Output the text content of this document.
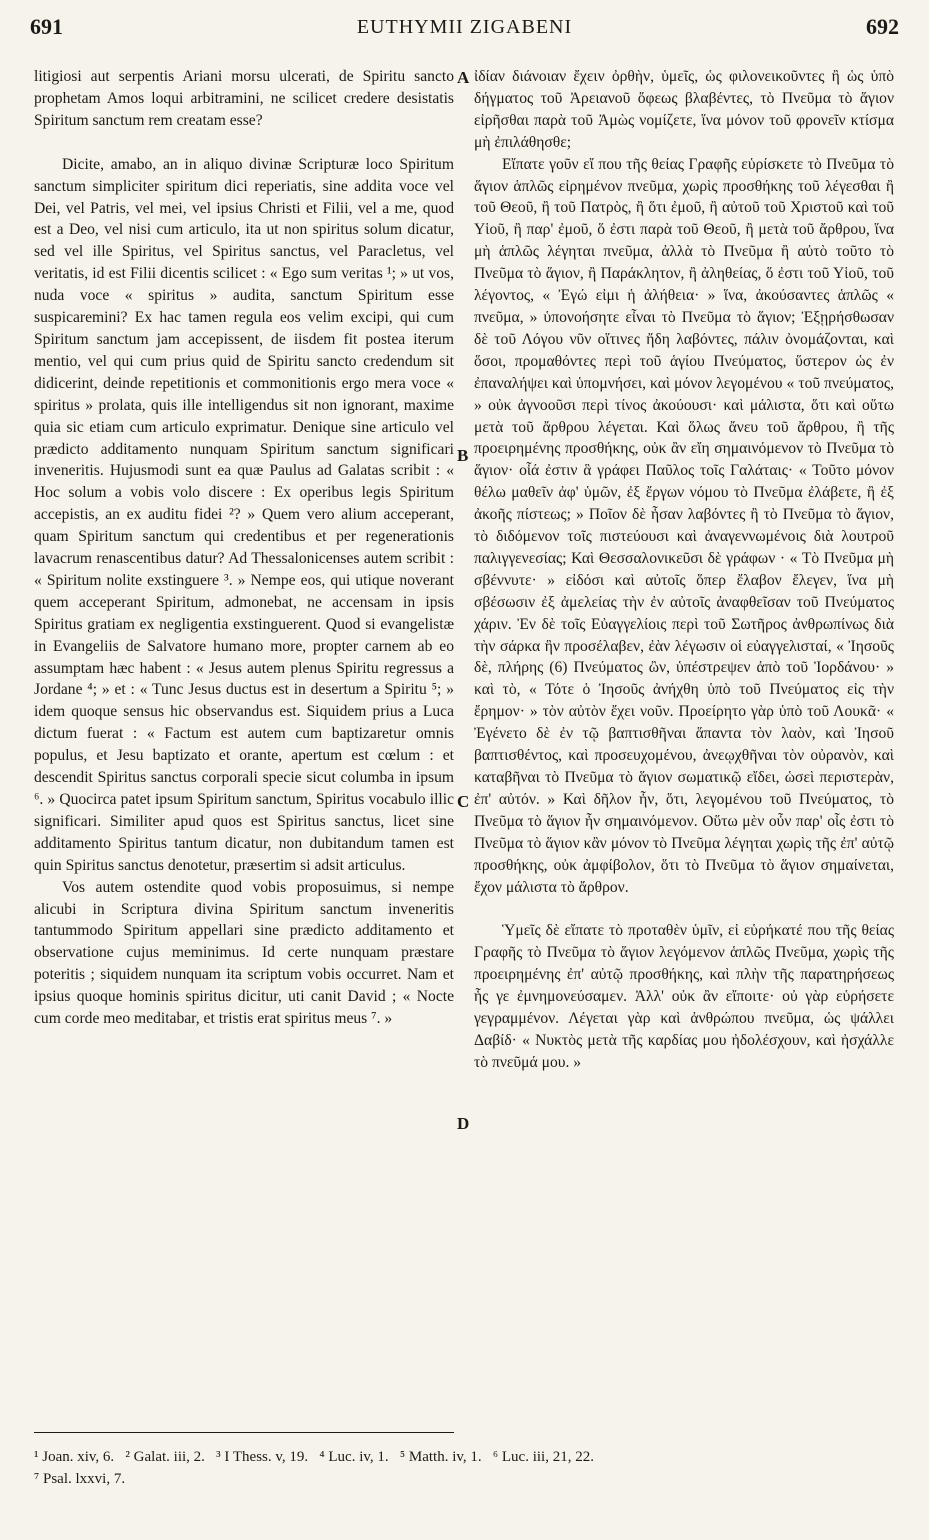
691	EUTHYMII ZIGABENI	692

litigiosi aut serpentis Ariani morsu ulcerati, de Spiritu sancto prophetam Amos loqui arbitramini, ne scilicet credere desistatis Spiritum sanctum rem creatam esse?

Dicite, amabo, an in aliquo divinæ Scripturæ loco Spiritum sanctum simpliciter spiritum dici reperiatis, sine addita voce vel Dei, vel Patris, vel mei, vel ipsius Christi et Filii, vel a me, quod est a Deo, vel nisi cum articulo, ita ut non spiritus solum dicatur, sed vel ille Spiritus, vel Spiritus sanctus, vel Paracletus, vel veritatis, id est Filii dicentis scilicet : « Ego sum veritas ¹; » ut vos, nuda voce « spiritus » audita, sanctum Spiritum esse suspicaremini? Ex hac tamen regula eos velim excipi, qui cum Spiritum sanctum jam accepissent, de iisdem fit postea iterum mentio, vel qui cum prius quid de Spiritu sancto credendum sit didicerint, deinde repetitionis et commonitionis ergo mera voce « spiritus » prolata, quis ille intelligendus sit non ignorant, maxime quia sic etiam cum articulo exprimatur. Denique sine articulo vel prædicto additamento nunquam Spiritum sanctum significari inveneritis. Hujusmodi sunt ea quæ Paulus ad Galatas scribit : « Hoc solum a vobis volo discere : Ex operibus legis Spiritum accepistis, an ex auditu fidei ²? » Quem vero alium acceperant, quam Spiritum sanctum qui credentibus et per regenerationis lavacrum renascentibus datur? Ad Thessalonicenses autem scribit : « Spiritum nolite exstinguere ³. » Nempe eos, qui utique noverant quem acceperant Spiritum, admonebat, ne accensam in ipsis Spiritus gratiam ex negligentia exstinguerent. Quod si evangelistæ in Evangeliis de Salvatore humano more, propter carnem ab eo assumptam hæc habent : « Jesus autem plenus Spiritu regressus a Jordane ⁴; » et : « Tunc Jesus ductus est in desertum a Spiritu ⁵; » idem quoque sensus hic observandus est. Siquidem prius a Luca dictum fuerat : « Factum est autem cum baptizaretur omnis populus, et Jesu baptizato et orante, apertum est cœlum : et descendit Spiritus sanctus corporali specie sicut columba in ipsum ⁶. » Quocirca patet ipsum Spiritum sanctum, Spiritus vocabulo illic significari. Similiter apud quos est Spiritus sanctus, licet sine additamento Spiritus tantum dicatur, non dubitandum tamen est quin Spiritus sanctus denotetur, præsertim si adsit articulus.

Vos autem ostendite quod vobis proposuimus, si nempe alicubi in Scriptura divina Spiritum sanctum inveneritis tantummodo Spiritum appellari sine prædicto additamento et observatione cujus meminimus. Id certe nunquam præstare poteritis ; siquidem nunquam ita scriptum vobis occurret. Nam et ipsius quoque hominis spiritus dicitur, uti canit David ; « Nocte cum corde meo meditabar, et tristis erat spiritus meus ⁷. »

A
B
C
D

ἰδίαν διάνοιαν ἔχειν ὀρθὴν, ὑμεῖς, ὡς φιλονεικοῦντες ἢ ὡς ὑπὸ δήγματος τοῦ Ἀρειανοῦ ὄφεως βλαβέντες, τὸ Πνεῦμα τὸ ἅγιον εἰρῆσθαι παρὰ τοῦ Ἀμὼς νομίζετε, ἵνα μόνον τοῦ φρονεῖν κτίσμα μὴ ἐπιλάθησθε;

Εἴπατε γοῦν εἴ που τῆς θείας Γραφῆς εὑρίσκετε τὸ Πνεῦμα τὸ ἅγιον ἁπλῶς εἰρημένον πνεῦμα, χωρὶς προσθήκης τοῦ λέγεσθαι ἢ τοῦ Θεοῦ, ἢ τοῦ Πατρὸς, ἢ ὅτι ἐμοῦ, ἢ αὐτοῦ τοῦ Χριστοῦ καὶ τοῦ Υἱοῦ, ἢ παρ' ἐμοῦ, ὅ ἐστι παρὰ τοῦ Θεοῦ, ἢ μετὰ τοῦ ἄρθρου, ἵνα μὴ ἁπλῶς λέγηται πνεῦμα, ἀλλὰ τὸ Πνεῦμα ἢ αὐτὸ τοῦτο τὸ Πνεῦμα τὸ ἅγιον, ἢ Παράκλητον, ἢ ἀληθείας, ὅ ἐστι τοῦ Υἱοῦ, τοῦ λέγοντος, « Ἐγώ εἰμι ἡ ἀλήθεια· » ἵνα, ἀκούσαντες ἁπλῶς « πνεῦμα, » ὑπονοήσητε εἶναι τὸ Πνεῦμα τὸ ἅγιον; Ἐξῃρήσθωσαν δὲ τοῦ Λόγου νῦν οἵτινες ἤδη λαβόντες, πάλιν ὀνομάζονται, καὶ ὅσοι, προμαθόντες περὶ τοῦ ἁγίου Πνεύματος, ὕστερον ὡς ἐν ἐπαναλήψει καὶ ὑπομνήσει, καὶ μόνον λεγομένου « τοῦ πνεύματος, » οὐκ ἀγνοοῦσι περὶ τίνος ἀκούουσι· καὶ μάλιστα, ὅτι καὶ οὕτω μετὰ τοῦ ἄρθρου λέγεται. Καὶ ὅλως ἄνευ τοῦ ἄρθρου, ἢ τῆς προειρημένης προσθήκης, οὐκ ἂν εἴη σημαινόμενον τὸ Πνεῦμα τὸ ἅγιον· οἷά ἐστιν ἃ γράφει Παῦλος τοῖς Γαλάταις· « Τοῦτο μόνον θέλω μαθεῖν ἀφ' ὑμῶν, ἐξ ἔργων νόμου τὸ Πνεῦμα ἐλάβετε, ἢ ἐξ ἀκοῆς πίστεως; » Ποῖον δὲ ἦσαν λαβόντες ἢ τὸ Πνεῦμα τὸ ἅγιον, τὸ διδόμενον τοῖς πιστεύουσι καὶ ἀναγεννωμένοις διὰ λουτροῦ παλιγγενεσίας; Καὶ Θεσσαλονικεῦσι δὲ γράφων · « Τὸ Πνεῦμα μὴ σβέννυτε· » εἰδόσι καὶ αὐτοῖς ὅπερ ἔλαβον ἔλεγεν, ἵνα μὴ σβέσωσιν ἐξ ἀμελείας τὴν ἐν αὐτοῖς ἀναφθεῖσαν τοῦ Πνεύματος χάριν. Ἐν δὲ τοῖς Εὐαγγελίοις περὶ τοῦ Σωτῆρος ἀνθρωπίνως διὰ τὴν σάρκα ἣν προσέλαβεν, ἐὰν λέγωσιν οἱ εὐαγγελισταί, « Ἰησοῦς δὲ, πλήρης (6) Πνεύματος ὢν, ὑπέστρεψεν ἀπὸ τοῦ Ἰορδάνου· » καὶ τὸ, « Τότε ὁ Ἰησοῦς ἀνήχθη ὑπὸ τοῦ Πνεύματος εἰς τὴν ἔρημον· » τὸν αὐτὸν ἔχει νοῦν. Προείρητο γὰρ ὑπὸ τοῦ Λουκᾶ· « Ἐγένετο δὲ ἐν τῷ βαπτισθῆναι ἅπαντα τὸν λαὸν, καὶ Ἰησοῦ βαπτισθέντος, καὶ προσευχομένου, ἀνεῳχθῆναι τὸν οὐρανὸν, καὶ καταβῆναι τὸ Πνεῦμα τὸ ἅγιον σωματικῷ εἴδει, ὡσεὶ περιστερὰν, ἐπ' αὐτόν. » Καὶ δῆλον ἦν, ὅτι, λεγομένου τοῦ Πνεύματος, τὸ Πνεῦμα τὸ ἅγιον ἦν σημαινόμενον. Οὕτω μὲν οὖν παρ' οἷς ἐστι τὸ Πνεῦμα τὸ ἅγιον κἂν μόνον τὸ Πνεῦμα λέγηται χωρὶς τῆς ἐπ' αὐτῷ προσθήκης, οὐκ ἀμφίβολον, ὅτι τὸ Πνεῦμα τὸ ἅγιον σημαίνεται, ἔχον μάλιστα τὸ ἄρθρον.

Ὑμεῖς δὲ εἴπατε τὸ προταθὲν ὑμῖν, εἰ εὑρήκατέ που τῆς θείας Γραφῆς τὸ Πνεῦμα τὸ ἅγιον λεγόμενον ἁπλῶς Πνεῦμα, χωρὶς τῆς προειρημένης ἐπ' αὐτῷ προσθήκης, καὶ πλὴν τῆς παρατηρήσεως ἧς γε ἐμνημονεύσαμεν. Ἀλλ' οὐκ ἂν εἴποιτε· οὐ γὰρ εὑρήσετε γεγραμμένον. Λέγεται γὰρ καὶ ἀνθρώπου πνεῦμα, ὡς ψάλλει Δαβίδ· « Νυκτὸς μετὰ τῆς καρδίας μου ἠδολέσχουν, καὶ ἠσχάλλε τὸ πνεῦμά μου. »

¹ Joan. xiv, 6.   ² Galat. iii, 2.   ³ I Thess. v, 19.   ⁴ Luc. iv, 1.   ⁵ Matth. iv, 1.   ⁶ Luc. iii, 21, 22.

⁷ Psal. lxxvi, 7.
